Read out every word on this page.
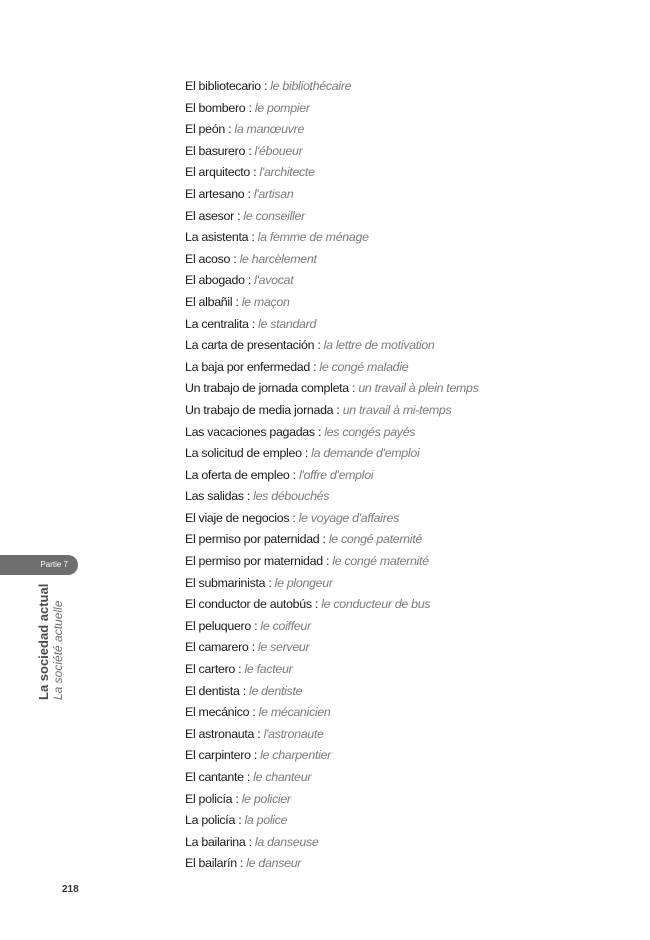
Partie 7
La sociedad actual La société actuelle
El bibliotecario : le bibliothécaire
El bombero : le pompier
El peón : la manœuvre
El basurero : l'éboueur
El arquitecto : l'architecte
El artesano : l'artisan
El asesor : le conseiller
La asistenta : la femme de ménage
El acoso : le harcèlement
El abogado : l'avocat
El albañil : le maçon
La centralita : le standard
La carta de presentación : la lettre de motivation
La baja por enfermedad : le congé maladie
Un trabajo de jornada completa : un travail à plein temps
Un trabajo de media jornada : un travail à mi-temps
Las vacaciones pagadas : les congés payés
La solicitud de empleo : la demande d'emploi
La oferta de empleo : l'offre d'emploi
Las salidas : les débouchés
El viaje de negocios : le voyage d'affaires
El permiso por paternidad : le congé paternité
El permiso por maternidad : le congé maternité
El submarinista : le plongeur
El conductor de autobús : le conducteur de bus
El peluquero : le coiffeur
El camarero : le serveur
El cartero : le facteur
El dentista : le dentiste
El mecánico : le mécanicien
El astronauta : l'astronaute
El carpintero : le charpentier
El cantante : le chanteur
El policía : le policier
La policía : la police
La bailarina : la danseuse
El bailarín : le danseur
218
